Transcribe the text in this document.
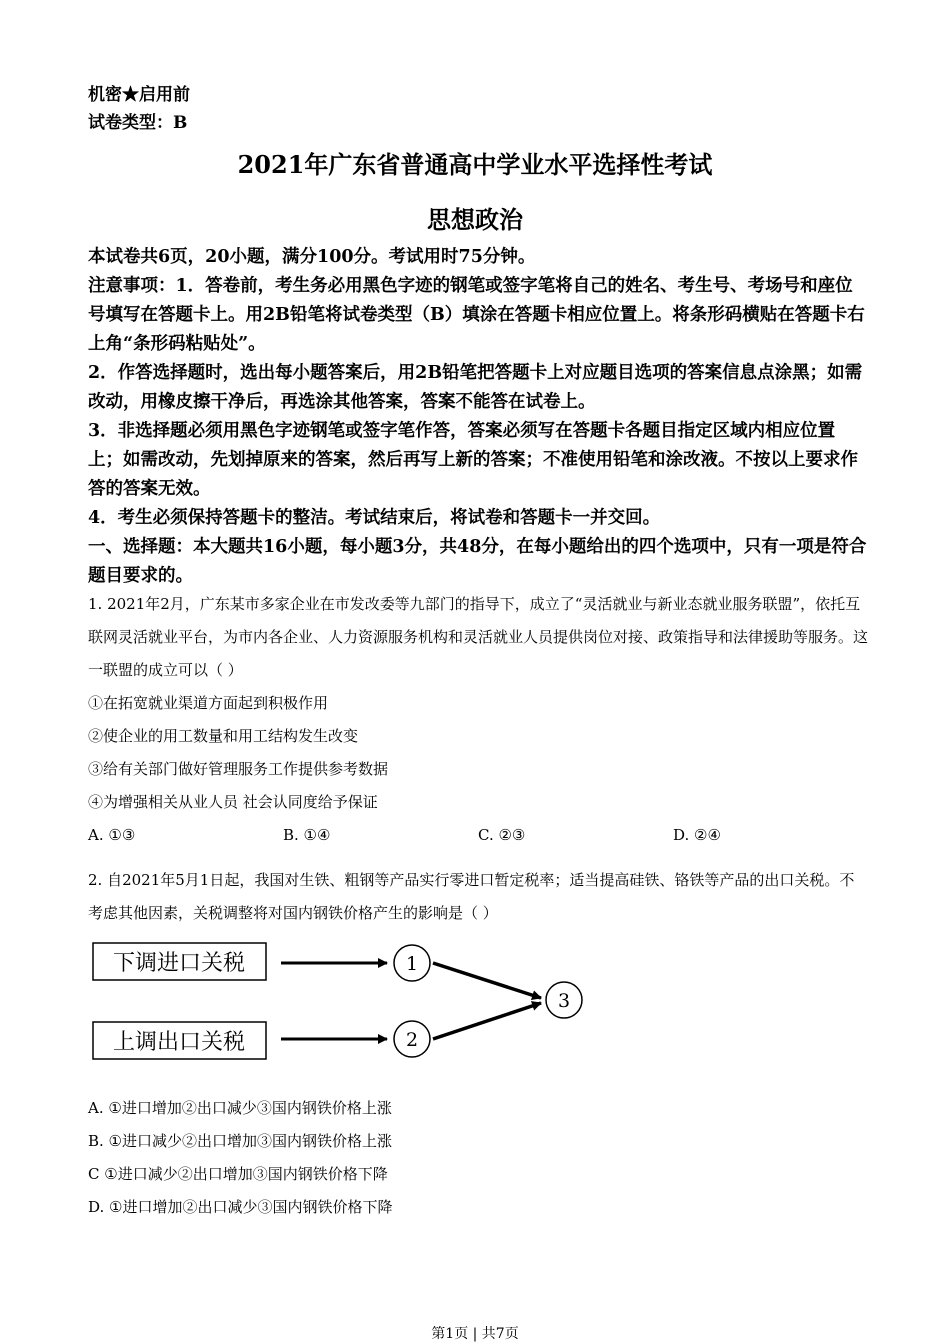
机密★启用前
试卷类型：B
2021年广东省普通高中学业水平选择性考试
思想政治

本试卷共6页，20小题，满分100分。考试用时75分钟。

注意事项：1．答卷前，考生务必用黑色字迹的钢笔或签字笔将自己的姓名、考生号、考场号和座位号填写在答题卡上。用2B铅笔将试卷类型（B）填涂在答题卡相应位置上。将条形码横贴在答题卡右上角“条形码粘贴处”。

2．作答选择题时，选出每小题答案后，用2B铅笔把答题卡上对应题目选项的答案信息点涂黑；如需改动，用橡皮擦干净后，再选涂其他答案，答案不能答在试卷上。

3．非选择题必须用黑色字迹钢笔或签字笔作答，答案必须写在答题卡各题目指定区域内相应位置上；如需改动，先划掉原来的答案，然后再写上新的答案；不准使用铅笔和涂改液。不按以上要求作答的答案无效。

4．考生必须保持答题卡的整洁。考试结束后，将试卷和答题卡一并交回。

一、选择题：本大题共16小题，每小题3分，共48分，在每小题给出的四个选项中，只有一项是符合题目要求的。

1. 2021年2月，广东某市多家企业在市发改委等九部门的指导下，成立了“灵活就业与新业态就业服务联盟”，依托互联网灵活就业平台，为市内各企业、人力资源服务机构和灵活就业人员提供岗位对接、政策指导和法律援助等服务。这一联盟的成立可以（ ）

①在拓宽就业渠道方面起到积极作用

②使企业的用工数量和用工结构发生改变

③给有关部门做好管理服务工作提供参考数据

④为增强相关从业人员 社会认同度给予保证

A. ①③	B. ①④	C. ②③	D. ②④

2. 自2021年5月1日起，我国对生铁、粗钢等产品实行零进口暂定税率；适当提高硅铁、铬铁等产品的出口关税。不考虑其他因素，关税调整将对国内钢铁价格产生的影响是（ ）

下调进口关税
上调出口关税
1
2
3

A. ①进口增加②出口减少③国内钢铁价格上涨

B. ①进口减少②出口增加③国内钢铁价格上涨

C ①进口减少②出口增加③国内钢铁价格下降

D. ①进口增加②出口减少③国内钢铁价格下降

第1页 | 共7页
